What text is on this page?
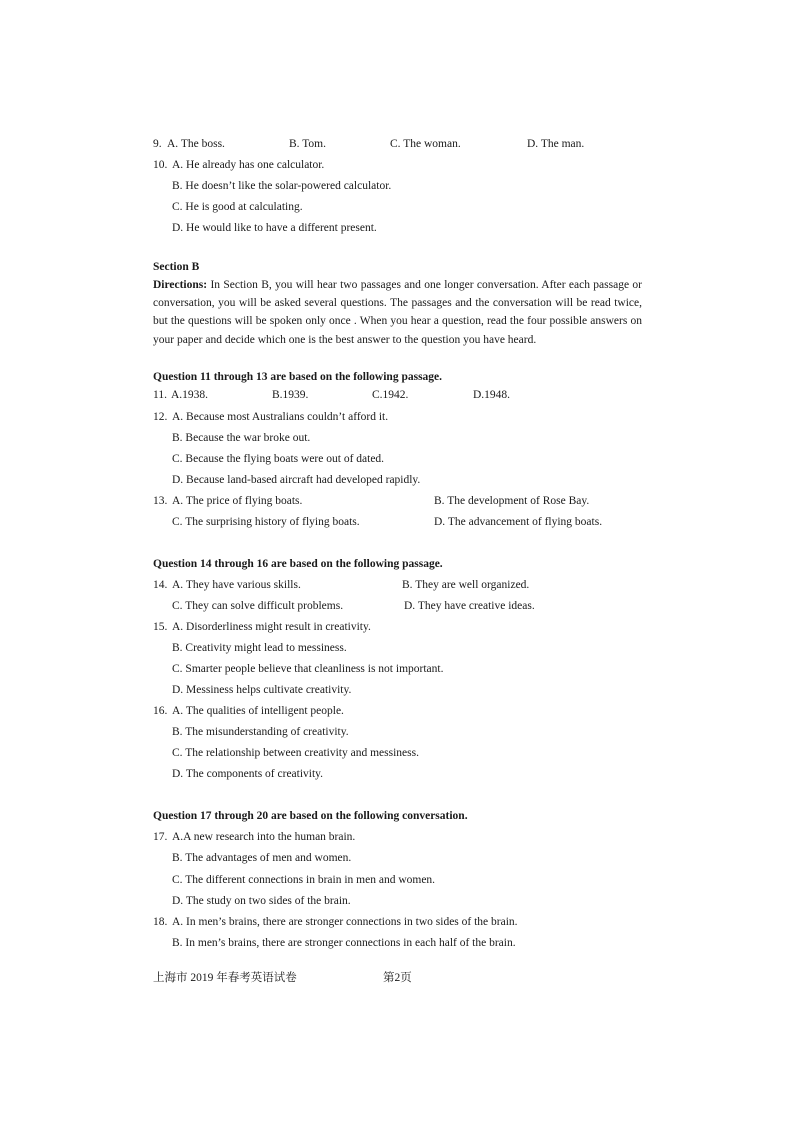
9. A. The boss.	B. Tom.	C. The woman.	D. The man.
10. A. He already has one calculator.
B. He doesn’t like the solar-powered calculator.
C. He is good at calculating.
D. He would like to have a different present.
Section B
Directions: In Section B, you will hear two passages and one longer conversation. After each passage or conversation, you will be asked several questions. The passages and the conversation will be read twice, but the questions will be spoken only once . When you hear a question, read the four possible answers on your paper and decide which one is the best answer to the question you have heard.
Question 11 through 13 are based on the following passage.
11. A.1938.	B.1939.	C.1942.	D.1948.
12. A. Because most Australians couldn’t afford it.
B. Because the war broke out.
C. Because the flying boats were out of dated.
D. Because land-based aircraft had developed rapidly.
13. A. The price of flying boats.	B. The development of Rose Bay.
C. The surprising history of flying boats.	D. The advancement of flying boats.
Question 14 through 16 are based on the following passage.
14. A. They have various skills.	B. They are well organized.
C. They can solve difficult problems.	D. They have creative ideas.
15. A. Disorderliness might result in creativity.
B. Creativity might lead to messiness.
C. Smarter people believe that cleanliness is not important.
D. Messiness helps cultivate creativity.
16. A. The qualities of intelligent people.
B. The misunderstanding of creativity.
C. The relationship between creativity and messiness.
D. The components of creativity.
Question 17 through 20 are based on the following conversation.
17. A.A new research into the human brain.
B. The advantages of men and women.
C. The different connections in brain in men and women.
D. The study on two sides of the brain.
18. A. In men’s brains, there are stronger connections in two sides of the brain.
B. In men’s brains, there are stronger connections in each half of the brain.
上海市 2019 年春考英语试卷	第2页
